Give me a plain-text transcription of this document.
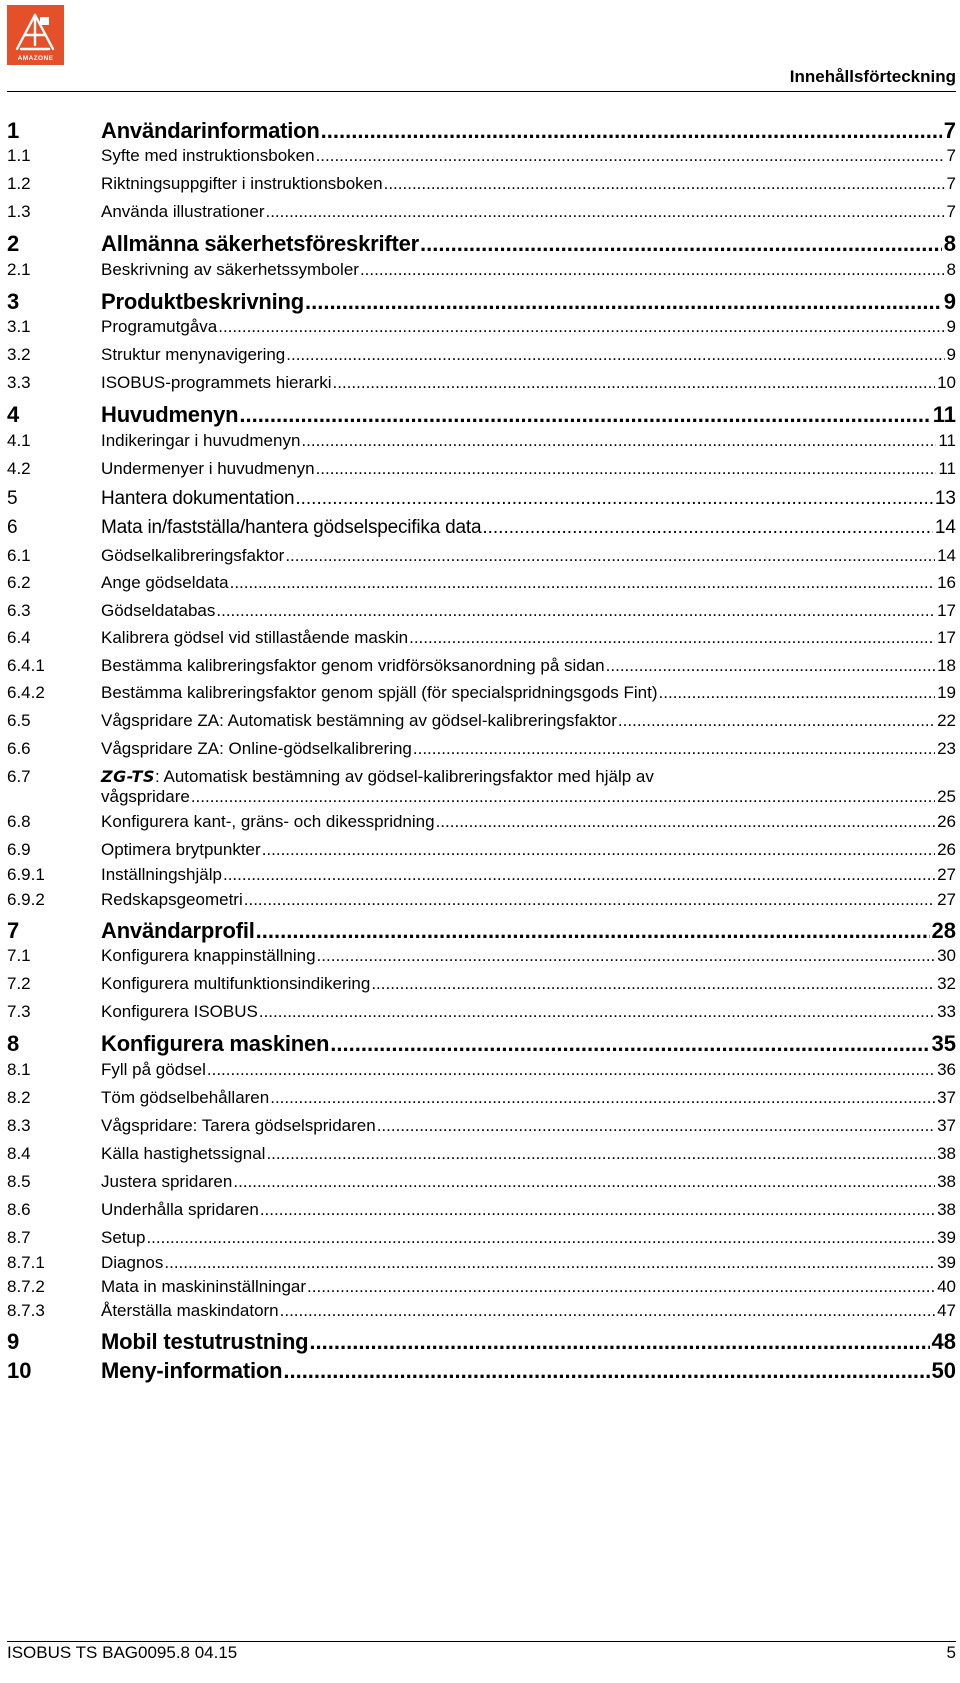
AMAZONE
Innehållsförteckning
1	Användarinformation .....	7
1.1	Syfte med instruktionsboken .....	7
1.2	Riktningsuppgifter i instruktionsboken .....	7
1.3	Använda illustrationer .....	7
2	Allmänna säkerhetsföreskrifter .....	8
2.1	Beskrivning av säkerhetssymboler .....	8
3	Produktbeskrivning .....	9
3.1	Programutgåva .....	9
3.2	Struktur menynavigering .....	9
3.3	ISOBUS-programmets hierarki .....	10
4	Huvudmenyn .....	11
4.1	Indikeringar i huvudmenyn .....	11
4.2	Undermenyer i huvudmenyn .....	11
5	Hantera dokumentation .....	13
6	Mata in/fastställa/hantera gödselspecifika data .....	14
6.1	Gödselkalibreringsfaktor .....	14
6.2	Ange gödseldata .....	16
6.3	Gödseldatabas .....	17
6.4	Kalibrera gödsel vid stillastående maskin .....	17
6.4.1	Bestämma kalibreringsfaktor genom vridförsöksanordning på sidan .....	18
6.4.2	Bestämma kalibreringsfaktor genom spjäll (för specialspridningsgods Fint) .....	19
6.5	Vågspridare ZA: Automatisk bestämning av gödsel-kalibreringsfaktor .....	22
6.6	Vågspridare ZA: Online-gödselkalibrering .....	23
6.7	ZG-TS: Automatisk bestämning av gödsel-kalibreringsfaktor med hjälp av
vågspridare .....	25
6.8	Konfigurera kant-, gräns- och dikesspridning .....	26
6.9	Optimera brytpunkter .....	26
6.9.1	Inställningshjälp .....	27
6.9.2	Redskapsgeometri .....	27
7	Användarprofil .....	28
7.1	Konfigurera knappinställning .....	30
7.2	Konfigurera multifunktionsindikering .....	32
7.3	Konfigurera ISOBUS .....	33
8	Konfigurera maskinen .....	35
8.1	Fyll på gödsel .....	36
8.2	Töm gödselbehållaren .....	37
8.3	Vågspridare: Tarera gödselspridaren .....	37
8.4	Källa hastighetssignal .....	38
8.5	Justera spridaren .....	38
8.6	Underhålla spridaren .....	38
8.7	Setup .....	39
8.7.1	Diagnos .....	39
8.7.2	Mata in maskininställningar .....	40
8.7.3	Återställa maskindatorn .....	47
9	Mobil testutrustning .....	48
10	Meny-information .....	50
ISOBUS TS BAG0095.8 04.15	5
